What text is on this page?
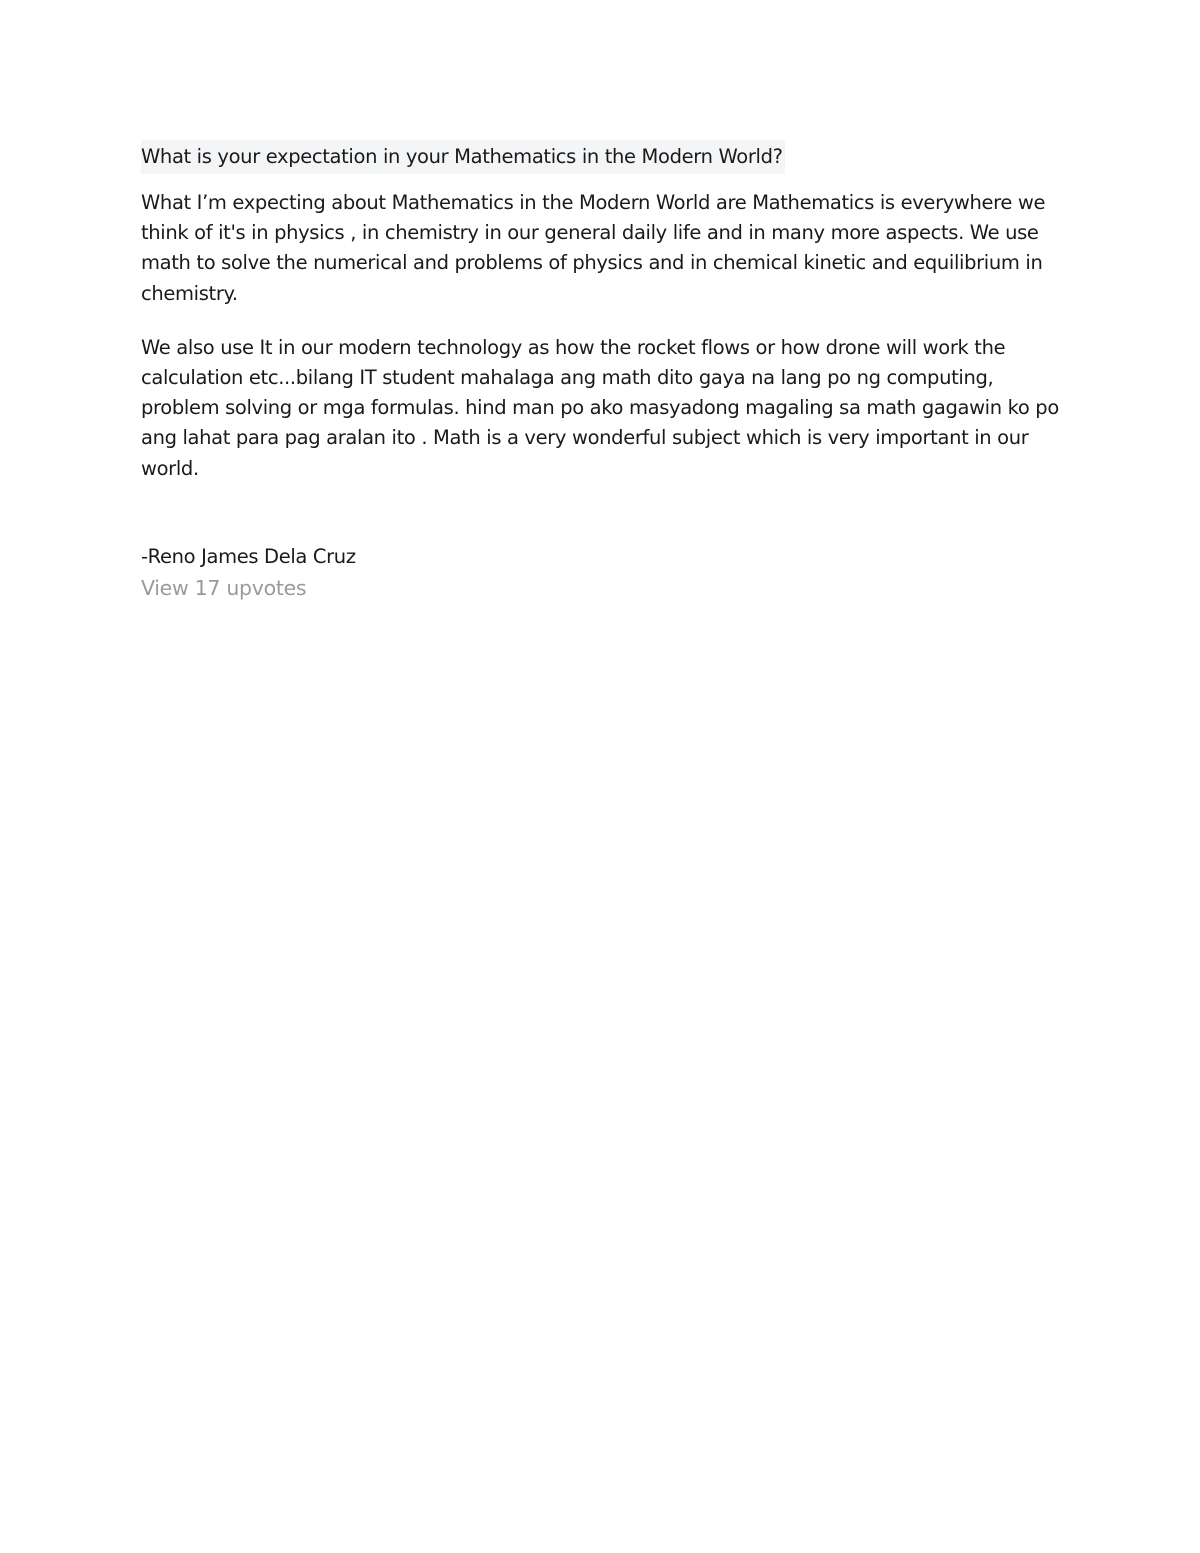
What is your expectation in your Mathematics in the Modern World?

What I’m expecting about Mathematics in the Modern World are Mathematics is everywhere we think of it's in physics , in chemistry in our general daily life and in many more aspects. We use math to solve the numerical and problems of physics and in chemical kinetic and equilibrium in chemistry.

We also use It in our modern technology as how the rocket flows or how drone will work the calculation etc...bilang IT student mahalaga ang math dito gaya na lang po ng computing, problem solving or mga formulas. hind man po ako masyadong magaling sa math gagawin ko po ang lahat para pag aralan ito . Math is a very wonderful subject which is very important in our world.

-Reno James Dela Cruz
View 17 upvotes
